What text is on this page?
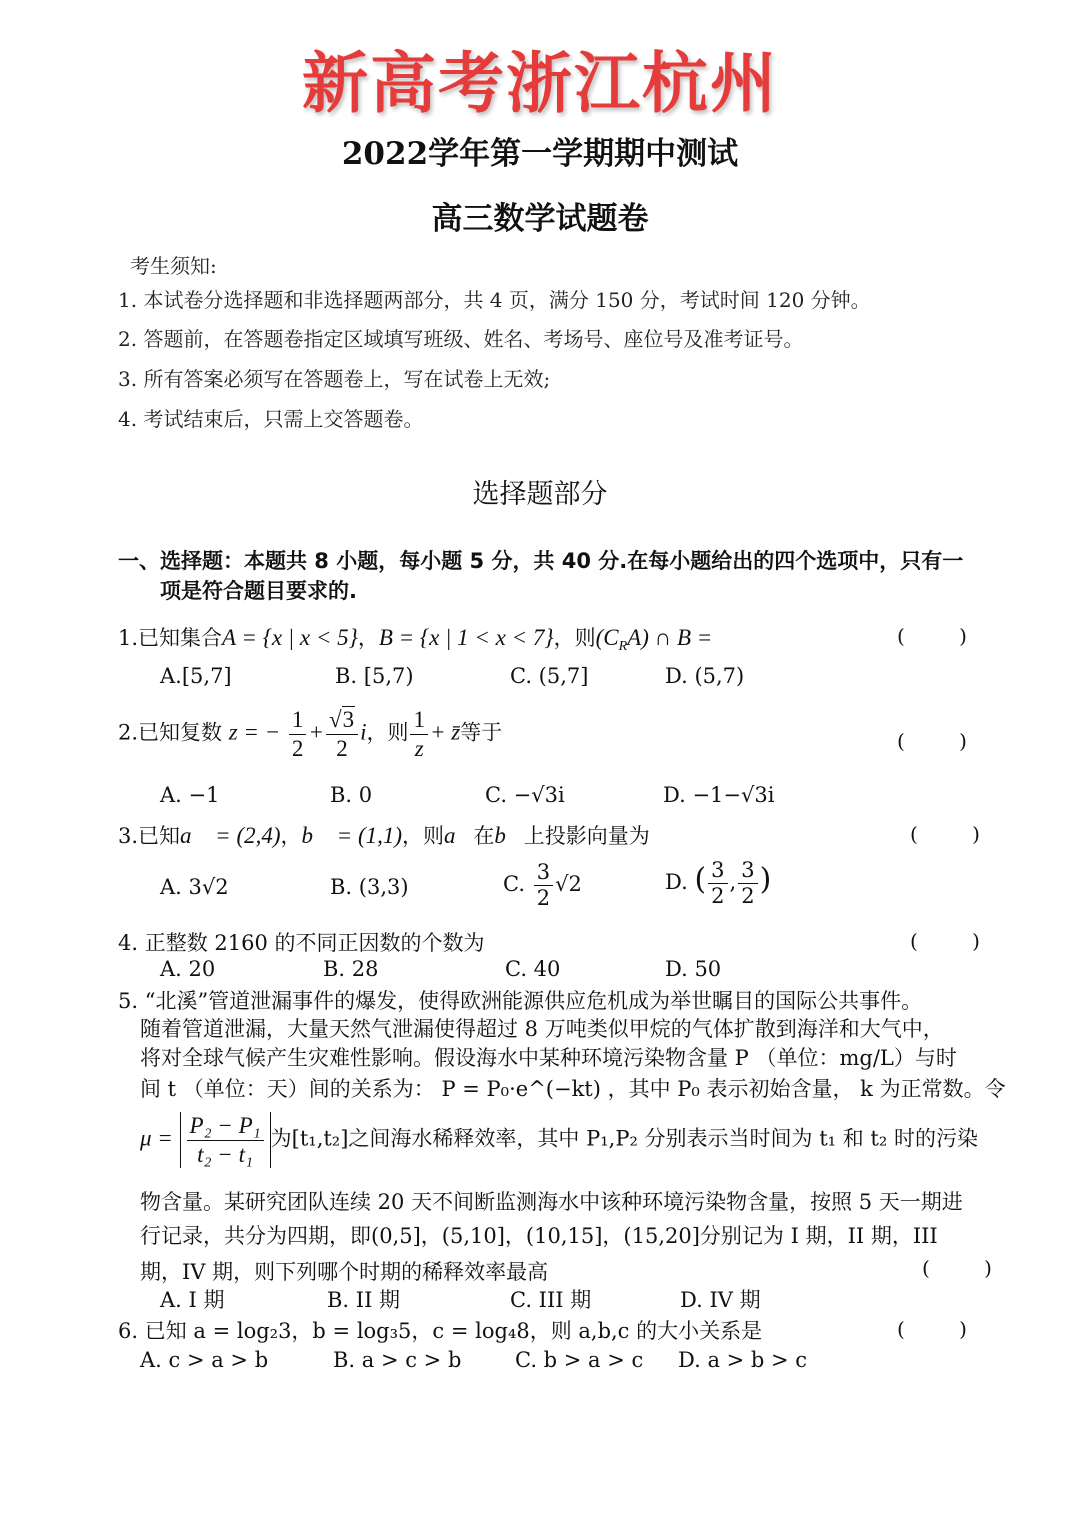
新高考浙江杭州
2022学年第一学期期中测试
高三数学试题卷
考生须知:
1. 本试卷分选择题和非选择题两部分，共 4 页，满分 150 分，考试时间 120 分钟。
2. 答题前，在答题卷指定区域填写班级、姓名、考场号、座位号及准考证号。
3. 所有答案必须写在答题卷上，写在试卷上无效;
4. 考试结束后，只需上交答题卷。
选择题部分
一、选择题：本题共 8 小题，每小题 5 分，共 40 分.在每小题给出的四个选项中，只有一
项是符合题目要求的.
1.已知集合A = {x | x < 5}，B = {x | 1 < x < 7}，则$(C_RA)$ ∩ B =	( )
A.[5,7]	B. [5,7)	C. (5,7]	D. (5,7)
2.已知复数 z = − $\frac{1}{2} + \frac{√3}{2}$ i，则 $\frac{1}{z}$ + z̄等于	( )
A. −1	B. 0	C. −√3i	D. −1−√3i
3.已知a⃗ = (2,4)，b⃗ = (1,1)，则a⃗在b⃗上投影向量为	( )
A. 3√2	B. (3,3)	C. $\frac{3}{2} √2$	D. ( $\frac{3}{2}$ , $\frac{3}{2}$ )
4. 正整数 2160 的不同正因数的个数为	( )
A. 20	B. 28	C. 40	D. 50
5. “北溪”管道泄漏事件的爆发，使得欧洲能源供应危机成为举世瞩目的国际公共事件。
随着管道泄漏，大量天然气泄漏使得超过 8 万吨类似甲烷的气体扩散到海洋和大气中，
将对全球气候产生灾难性影响。假设海水中某种环境污染物含量 P （单位：mg/L）与时
间 t （单位：天）间的关系为： P = P₀·e^(−kt) ，其中 P₀ 表示初始含量， k 为正常数。令
$\mu = \frac{\text{P₂ − P₁}}{\text{t₂ − t₁}}$ 为[t₁,t₂]之间海水稀释效率，其中 P₁,P₂ 分别表示当时间为 t₁ 和 t₂ 时的污染
物含量。某研究团队连续 20 天不间断监测海水中该种环境污染物含量，按照 5 天一期进
行记录，共分为四期，即(0,5]，(5,10]，(10,15]，(15,20]分别记为 I 期，II 期，III
期，IV 期，则下列哪个时期的稀释效率最高	( )
A. I 期	B. II 期	C. III 期	D. IV 期
6. 已知 a = log₂3，b = log₃5，c = log₄8，则 a,b,c 的大小关系是	( )
A. c > a > b	B. a > c > b	C. b > a > c D. a > b > c
